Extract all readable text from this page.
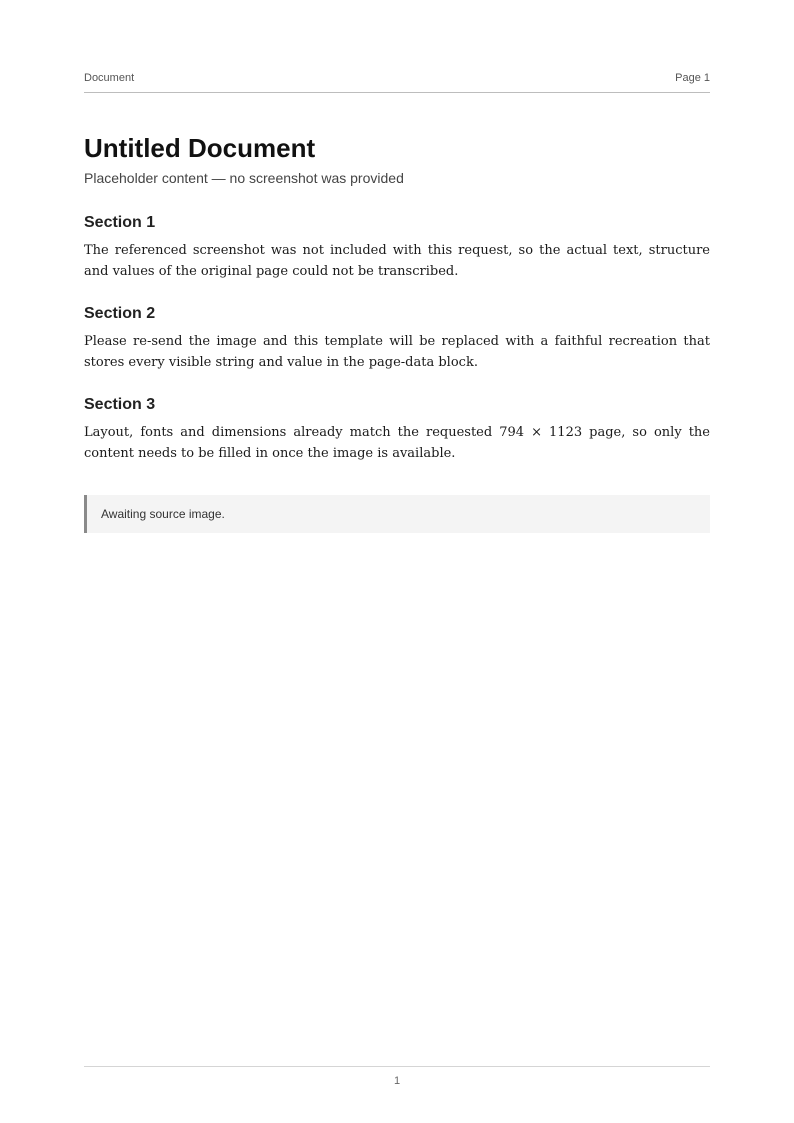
Document	Page 1
Untitled Document

Placeholder content — no screenshot was provided

Section 1

The referenced screenshot was not included with this request, so the actual text, structure and values of the original page could not be transcribed.

Section 2

Please re-send the image and this template will be replaced with a faithful recreation that stores every visible string and value in the page-data block.

Section 3

Layout, fonts and dimensions already match the requested 794 × 1123 page, so only the content needs to be filled in once the image is available.

Awaiting source image.
1
